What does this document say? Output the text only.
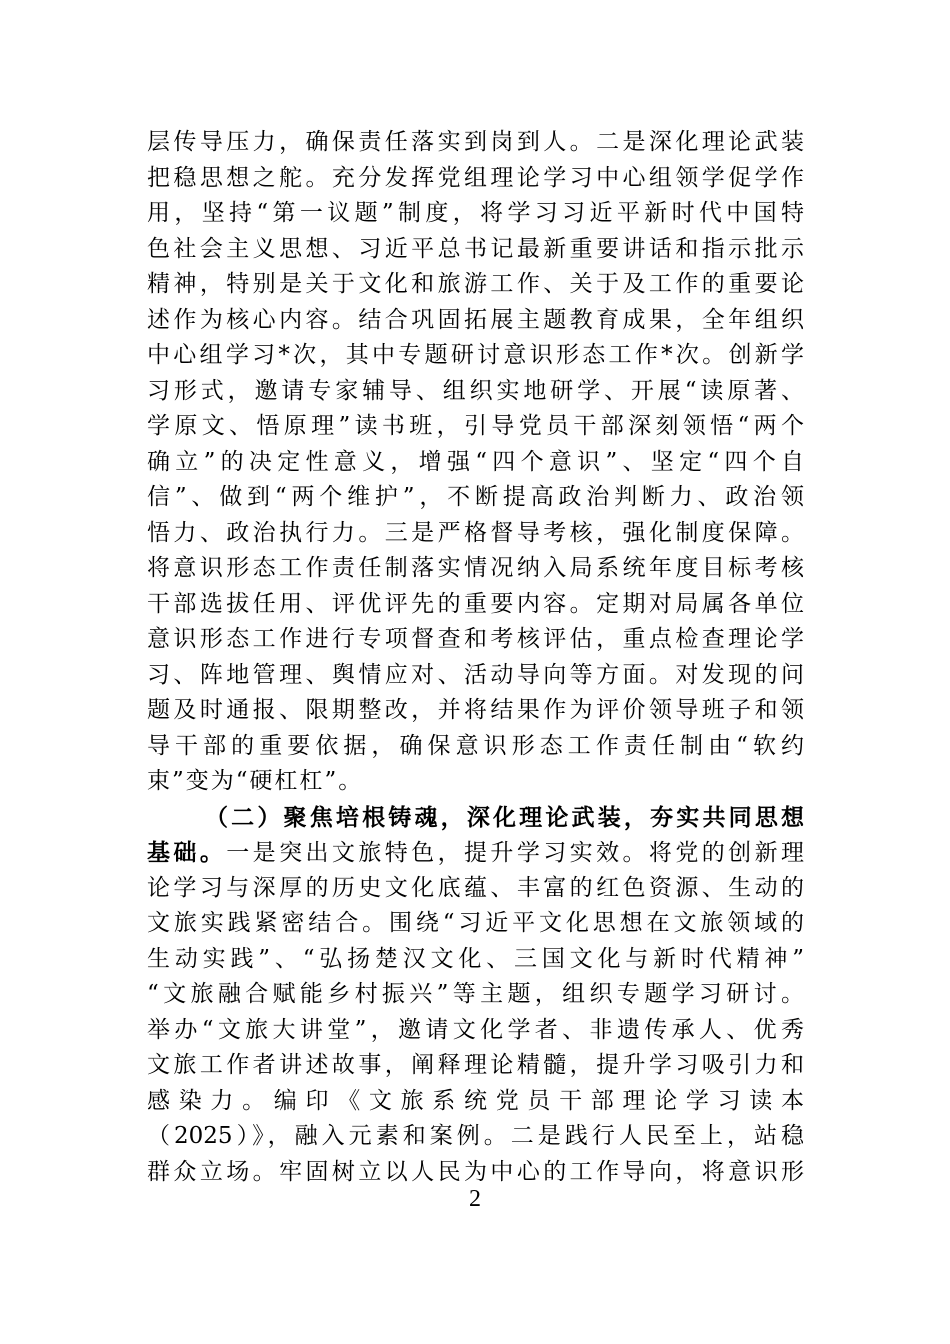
层传导压力，确保责任落实到岗到人。二是深化理论武装
把稳思想之舵。充分发挥党组理论学习中心组领学促学作
用，坚持“第一议题”制度，将学习习近平新时代中国特
色社会主义思想、习近平总书记最新重要讲话和指示批示
精神，特别是关于文化和旅游工作、关于及工作的重要论
述作为核心内容。结合巩固拓展主题教育成果，全年组织
中心组学习*次，其中专题研讨意识形态工作*次。创新学
习形式，邀请专家辅导、组织实地研学、开展“读原著、
学原文、悟原理”读书班，引导党员干部深刻领悟“两个
确立”的决定性意义，增强“四个意识”、坚定“四个自
信”、做到“两个维护”，不断提高政治判断力、政治领
悟力、政治执行力。三是严格督导考核，强化制度保障。
将意识形态工作责任制落实情况纳入局系统年度目标考核
干部选拔任用、评优评先的重要内容。定期对局属各单位
意识形态工作进行专项督查和考核评估，重点检查理论学
习、阵地管理、舆情应对、活动导向等方面。对发现的问
题及时通报、限期整改，并将结果作为评价领导班子和领
导干部的重要依据，确保意识形态工作责任制由“软约
束”变为“硬杠杠”。
（二）聚焦培根铸魂，深化理论武装，夯实共同思想
基础。一是突出文旅特色，提升学习实效。将党的创新理
论学习与深厚的历史文化底蕴、丰富的红色资源、生动的
文旅实践紧密结合。围绕“习近平文化思想在文旅领域的
生动实践”、“弘扬楚汉文化、三国文化与新时代精神”
“文旅融合赋能乡村振兴”等主题，组织专题学习研讨。
举办“文旅大讲堂”，邀请文化学者、非遗传承人、优秀
文旅工作者讲述故事，阐释理论精髓，提升学习吸引力和
感染力。编印《文旅系统党员干部理论学习读本
（2025）》，融入元素和案例。二是践行人民至上，站稳
群众立场。牢固树立以人民为中心的工作导向，将意识形
2
